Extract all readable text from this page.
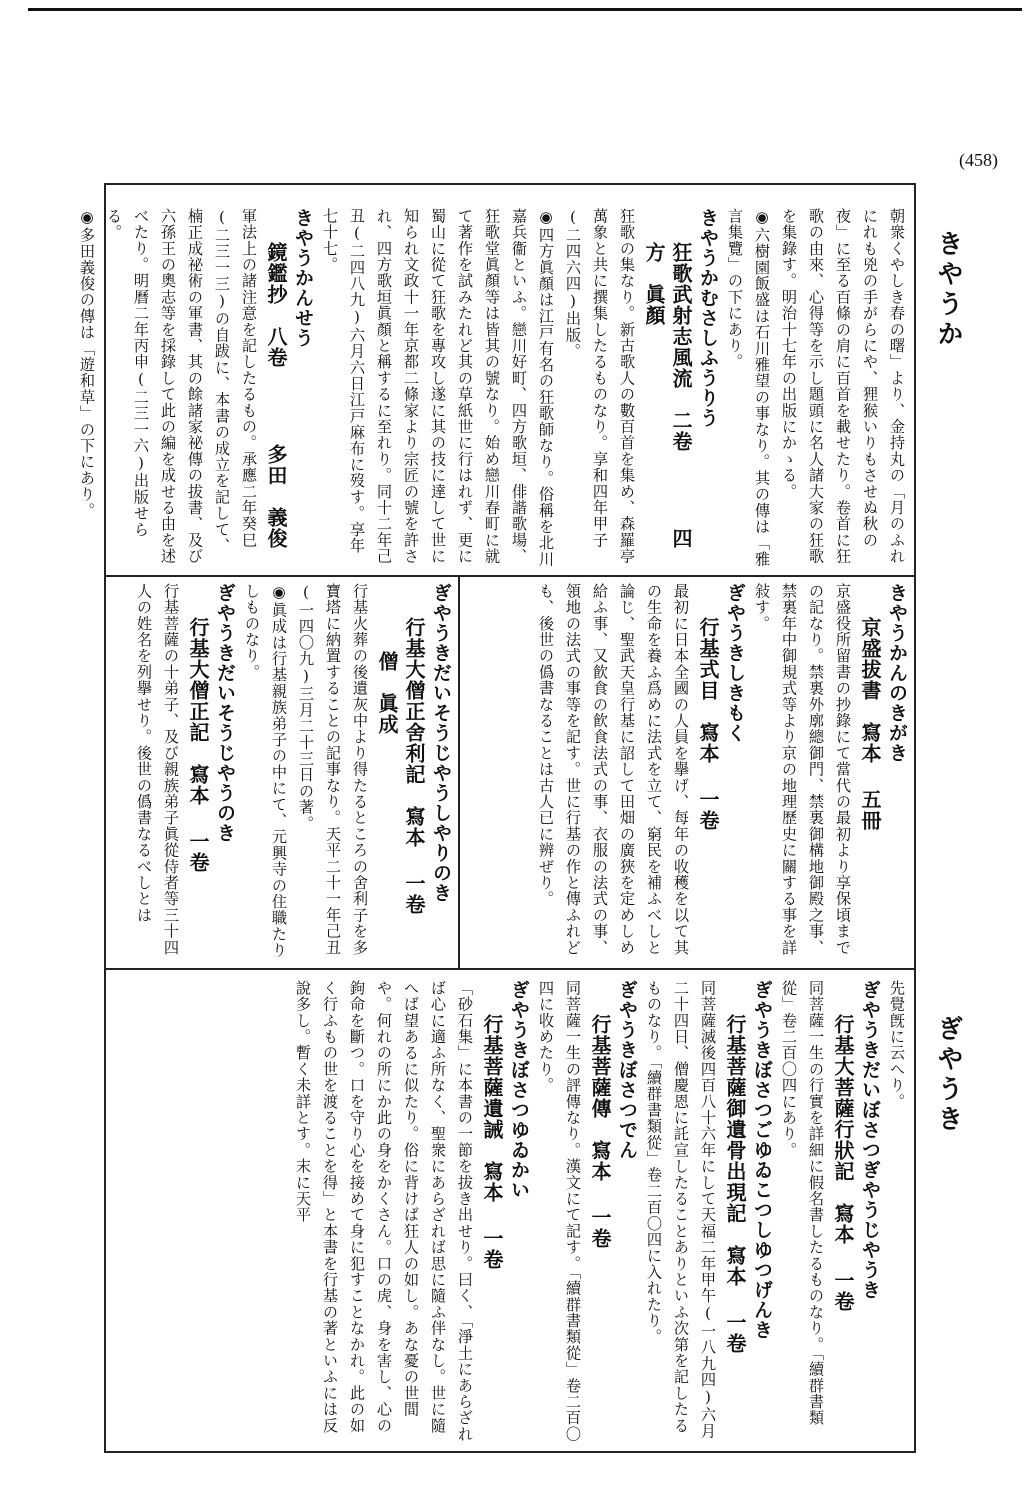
(458)
きやうか
ぎやうき

朝衆くやしき春の曙」より、金持丸の「月のふれにれも兇の手がらにや、狸猴いりもさせぬ秋の夜」に至る百條の肩に百首を載せたり。卷首に狂歌の由來、心得等を示し題頭に名人諸大家の狂歌を集錄す。明治十七年の出版にかゝる。

◉六樹園飯盛は石川雅望の事なり。其の傳は「雅言集覽」の下にあり。

きやうかむさしふうりう

狂歌武射志風流　二卷　　四方　眞顏

狂歌の集なり。新古歌人の數百首を集め、森羅亭萬象と共に撰集したるものなり。享和四年甲子(二四六四)出版。

◉四方眞顏は江戸有名の狂歌師なり。俗稱を北川嘉兵衞といふ。戀川好町、四方歌垣、俳諧歌場、狂歌堂眞顏等は皆其の號なり。始め戀川春町に就て著作を試みたれど其の草紙世に行はれず、更に蜀山に從て狂歌を專攻し遂に其の技に達して世に知られ文政十一年京都二條家より宗匠の號を許され、四方歌垣眞顏と稱するに至れり。同十二年己丑(二四八九)六月六日江戸麻布に歿す。享年七十七。

きやうかんせう

鏡鑑抄　八卷　　多田　義俊

軍法上の諸注意を記したるもの。承應二年癸巳(二三一三)の自跋に、本書の成立を記して、楠正成祕術の軍書、其の餘諸家祕傳の拔書、及び六孫王の奧志等を採錄して此の編を成せる由を述べたり。明曆二年丙申(二三一六)出版せらる。

◉多田義俊の傳は「遊和草」の下にあり。

きやうかんのきがき

京盛拔書　寫本 五冊

京盛役所留書の抄錄にて當代の最初より享保頃までの記なり。禁裏外廓總御門、禁裏御構地御殿之事、禁裏年中御規式等より京の地理歷史に關する事を詳敍す。

ぎやうきしきもく

行基式目　寫本 一卷

最初に日本全國の人員を擧げ、每年の收穫を以て其の生命を養ふ爲めに法式を立て、窮民を補ふべしと論じ、聖武天皇行基に詔して田畑の廣狹を定めしめ給ふ事、又飮食の飮食法式の事、衣服の法式の事、領地の法式の事等を記す。世に行基の作と傳ふれども、後世の僞書なることは古人已に辨ぜり。

ぎやうきだいそうじやうしやりのき

行基大僧正舍利記　寫本 一卷　　僧　眞成

行基火葬の後遺灰中より得たるところの舍利子を多寶塔に納置することの記事なり。天平二十一年己丑(一四〇九)三月二十三日の著。

◉眞成は行基親族弟子の中にて、元興寺の住職たりしものなり。

ぎやうきだいそうじやうのき

行基大僧正記　寫本 一卷

行基菩薩の十弟子、及び親族弟子眞從侍者等三十四人の姓名を列擧せり。後世の僞書なるべしとは

先覺旣に云へり。

ぎやうきだいぼさつぎやうじやうき

行基大菩薩行狀記　寫本 一卷

同菩薩一生の行實を詳細に假名書したるものなり。「續群書類從」卷二百〇四にあり。

ぎやうきぼさつごゆゐこつしゆつげんき

行基菩薩御遺骨出現記　寫本 一卷

同菩薩滅後四百八十六年にして天福二年甲午(一八九四)六月二十四日、僧慶恩に託宣したることありといふ次第を記したるものなり。「續群書類從」卷二百〇四に入れたり。

ぎやうきぼさつでん

行基菩薩傳　寫本 一卷

同菩薩一生の評傳なり。漢文にて記す。「續群書類從」卷二百〇四に收めたり。

ぎやうきぼさつゆゐかい

行基菩薩遺誡　寫本 一卷

「砂石集」に本書の一節を拔き出せり。曰く、「淨土にあらざれば心に適ふ所なく、聖衆にあらざれば思に隨ふ伴なし。世に隨へば望あるに似たり。俗に背けば狂人の如し。あな憂の世間や。何れの所にか此の身をかくさん。口の虎、身を害し、心の鉤命を斷つ。口を守り心を接めて身に犯すことなかれ。此の如く行ふもの世を渡ることを得」と本書を行基の著といふには反說多し。暫く未詳とす。末に天平
